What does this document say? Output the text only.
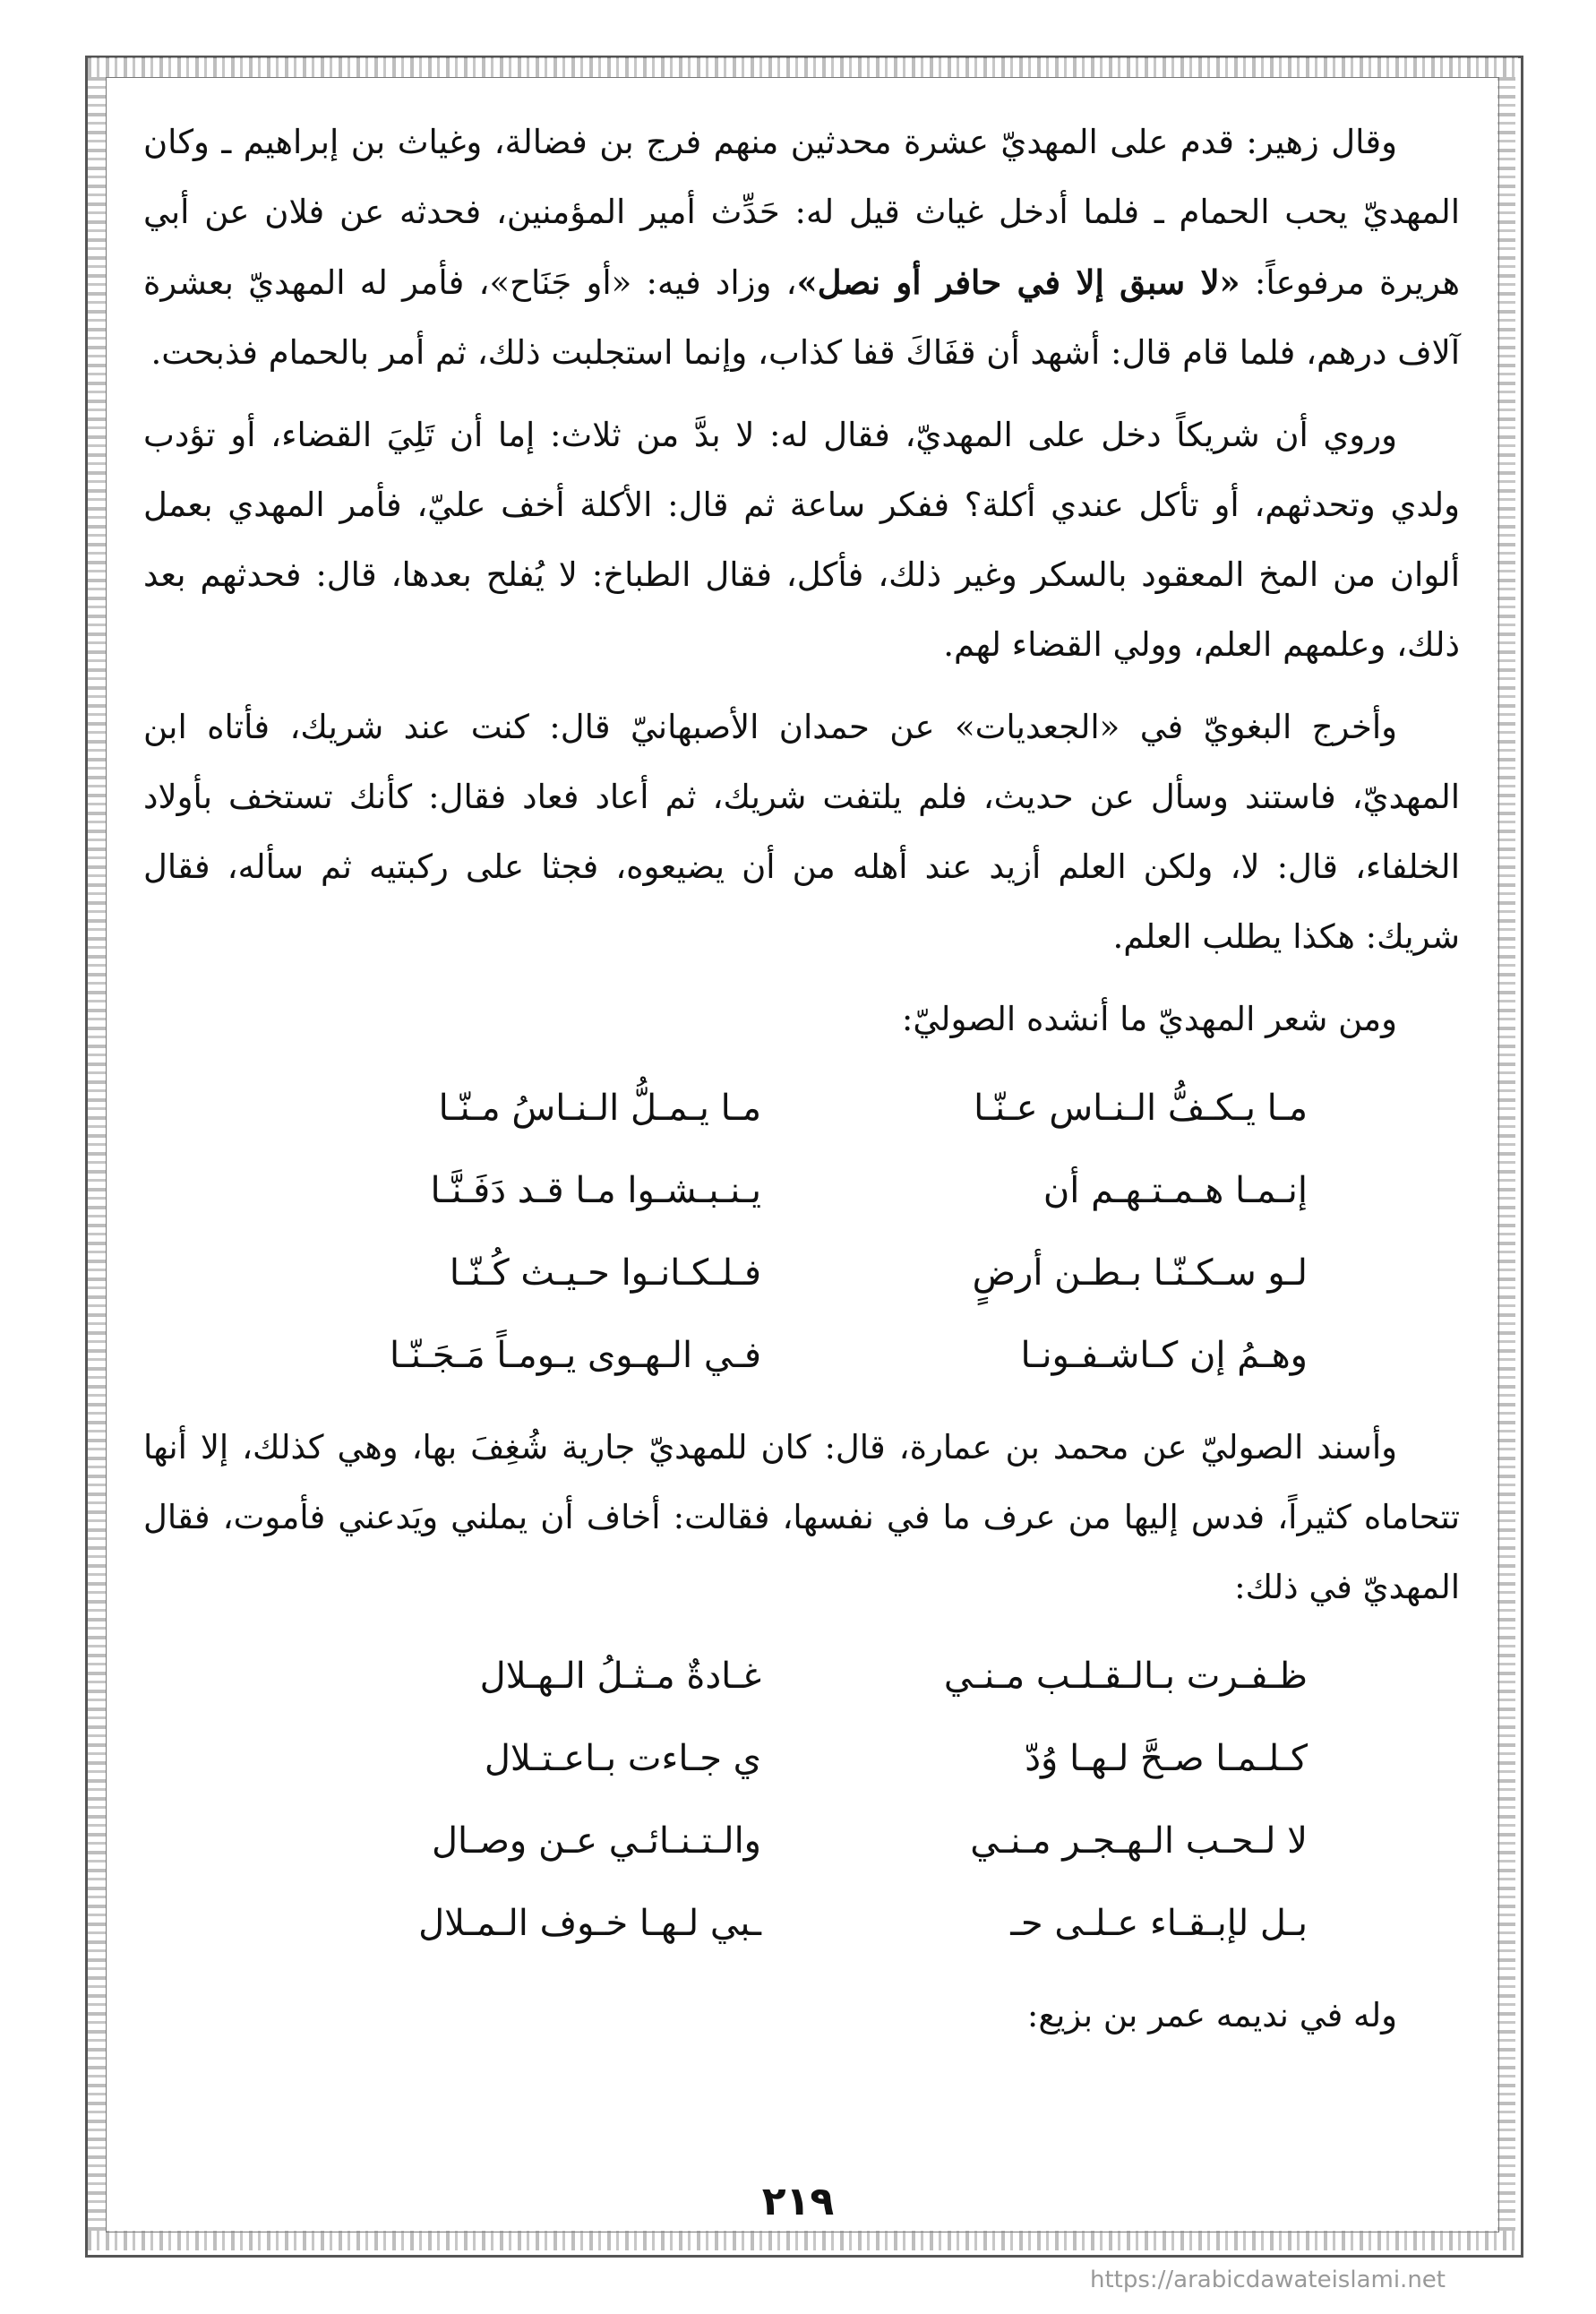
وقال زهير: قدم على المهديّ عشرة محدثين منهم فرج بن فضالة، وغياث بن إبراهيم ـ وكان المهديّ يحب الحمام ـ فلما أدخل غياث قيل له: حَدِّث أمير المؤمنين، فحدثه عن فلان عن أبي هريرة مرفوعاً: «لا سبق إلا في حافر أو نصل»، وزاد فيه: «أو جَنَاح»، فأمر له المهديّ بعشرة آلاف درهم، فلما قام قال: أشهد أن قفَاكَ قفا كذاب، وإنما استجلبت ذلك، ثم أمر بالحمام فذبحت.

وروي أن شريكاً دخل على المهديّ، فقال له: لا بدَّ من ثلاث: إما أن تَلِيَ القضاء، أو تؤدب ولدي وتحدثهم، أو تأكل عندي أكلة؟ ففكر ساعة ثم قال: الأكلة أخف عليّ، فأمر المهدي بعمل ألوان من المخ المعقود بالسكر وغير ذلك، فأكل، فقال الطباخ: لا يُفلح بعدها، قال: فحدثهم بعد ذلك، وعلمهم العلم، وولي القضاء لهم.

وأخرج البغويّ في «الجعديات» عن حمدان الأصبهانيّ قال: كنت عند شريك، فأتاه ابن المهديّ، فاستند وسأل عن حديث، فلم يلتفت شريك، ثم أعاد فعاد فقال: كأنك تستخف بأولاد الخلفاء، قال: لا، ولكن العلم أزيد عند أهله من أن يضيعوه، فجثا على ركبتيه ثم سأله، فقال شريك: هكذا يطلب العلم.

ومن شعر المهديّ ما أنشده الصوليّ:

مـا يـكـفُّ الـنـاس عـنّـا
مـا يـمـلُّ الـنـاسُ مـنّـا
إنـمـا هـمـتـهـم أن
يـنـبـشـوا مـا قـد دَفَـنَّـا
لـو سـكـنّـا بـطـن أرضٍ
فـلـكـانـوا حـيـث كُـنّـا
وهـمُ إن كـاشـفـونـا
فـي الـهـوى يـومـاً مَـجَـنّـا

وأسند الصوليّ عن محمد بن عمارة، قال: كان للمهديّ جارية شُغِفَ بها، وهي كذلك، إلا أنها تتحاماه كثيراً، فدس إليها من عرف ما في نفسها، فقالت: أخاف أن يملني ويَدعني فأموت، فقال المهديّ في ذلك:

ظـفـرت بـالـقـلـب مـنـي
غـادةٌ مـثـلُ الـهـلال
كـلـمـا صـحَّ لـهـا وُدّ
ي جـاءت بـاعـتـلال
لا لـحـب الـهـجـر مـنـي
والـتـنـائـي عـن وصـال
بـل لإبـقـاء عـلـى حـ
ـبي لـهـا خـوف الـمـلال

وله في نديمه عمر بن بزيع:

٢١٩
https://arabicdawateislami.net
